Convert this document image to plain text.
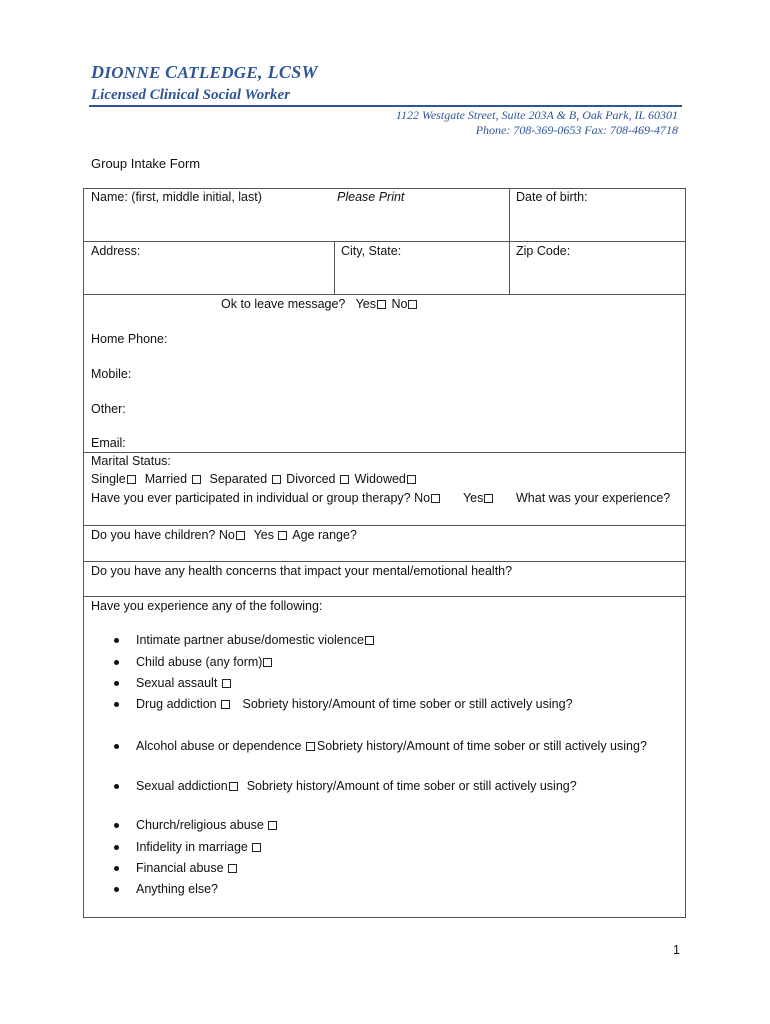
DIONNE CATLEDGE, LCSW
Licensed Clinical Social Worker
1122 Westgate Street, Suite 203A & B, Oak Park, IL 60301
Phone: 708-369-0653 Fax: 708-469-4718
Group Intake Form
Name: (first, middle initial, last)	Please Print	Date of birth:
Address:	City, State:	Zip Code:
Ok to leave message? Yes No
Home Phone:
Mobile:
Other:
Email:
Marital Status:
Single Married Separated Divorced Widowed
Have you ever participated in individual or group therapy? No	Yes	What was your experience?
Do you have children? No Yes Age range?
Do you have any health concerns that impact your mental/emotional health?
Have you experience any of the following:
Intimate partner abuse/domestic violence
Child abuse (any form)
Sexual assault
Drug addiction Sobriety history/Amount of time sober or still actively using?
Alcohol abuse or dependence Sobriety history/Amount of time sober or still actively using?
Sexual addiction Sobriety history/Amount of time sober or still actively using?
Church/religious abuse
Infidelity in marriage
Financial abuse
Anything else?
1
